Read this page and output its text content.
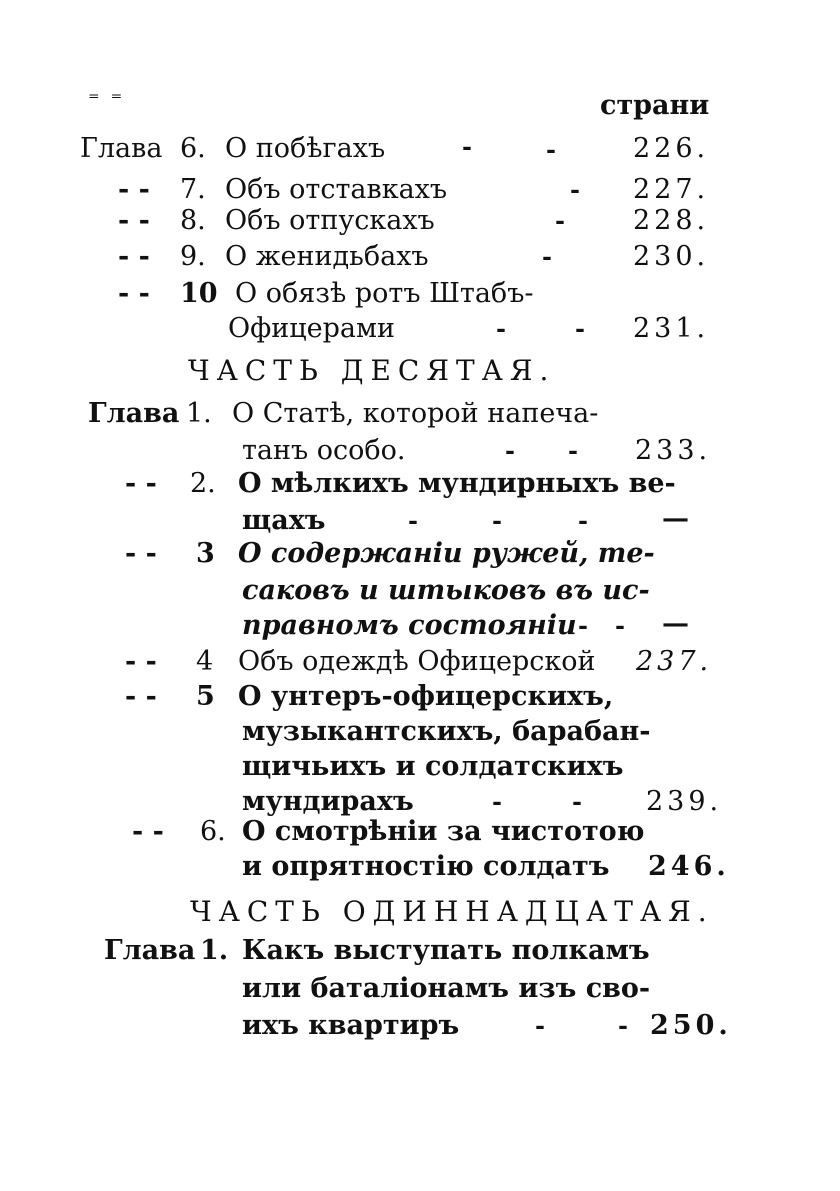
₌ ₌	страни
Глава 6. О побѣгахъ	-	-	226.
- - 7. Объ отставкахъ	- 227.
- - 8. Объ отпускахъ	-	228.
- - 9. О женидьбахъ	-	230.
- - 10 О обязѣ ротъ Штабъ-
Офицерами	-	- 231.
ЧАСТЬ ДЕСЯТАЯ.
Глава 1. О Статѣ, которой напеча-
танъ особо.	- - 233.
- - 2. О мѣлкихъ мундирныхъ ве-
щахъ	-	-	-	—
- - 3 О содержаніи ружей, те-
саковъ и штыковъ въ ис-
правномъ состояніи - - —
- - 4 Объ одеждѣ Офицерской 237.
- - 5 О унтеръ-офицерскихъ,
музыкантскихъ, барабан-
щичьихъ и солдатскихъ
мундирахъ	-	- 239.
- - 6. О смотрѣніи за чистотою
и опрятностію солдатъ 246.
ЧАСТЬ ОДИННАДЦАТАЯ.
Глава 1. Какъ выступать полкамъ
или баталіонамъ изъ сво-
ихъ квартиръ	-	- 250.
